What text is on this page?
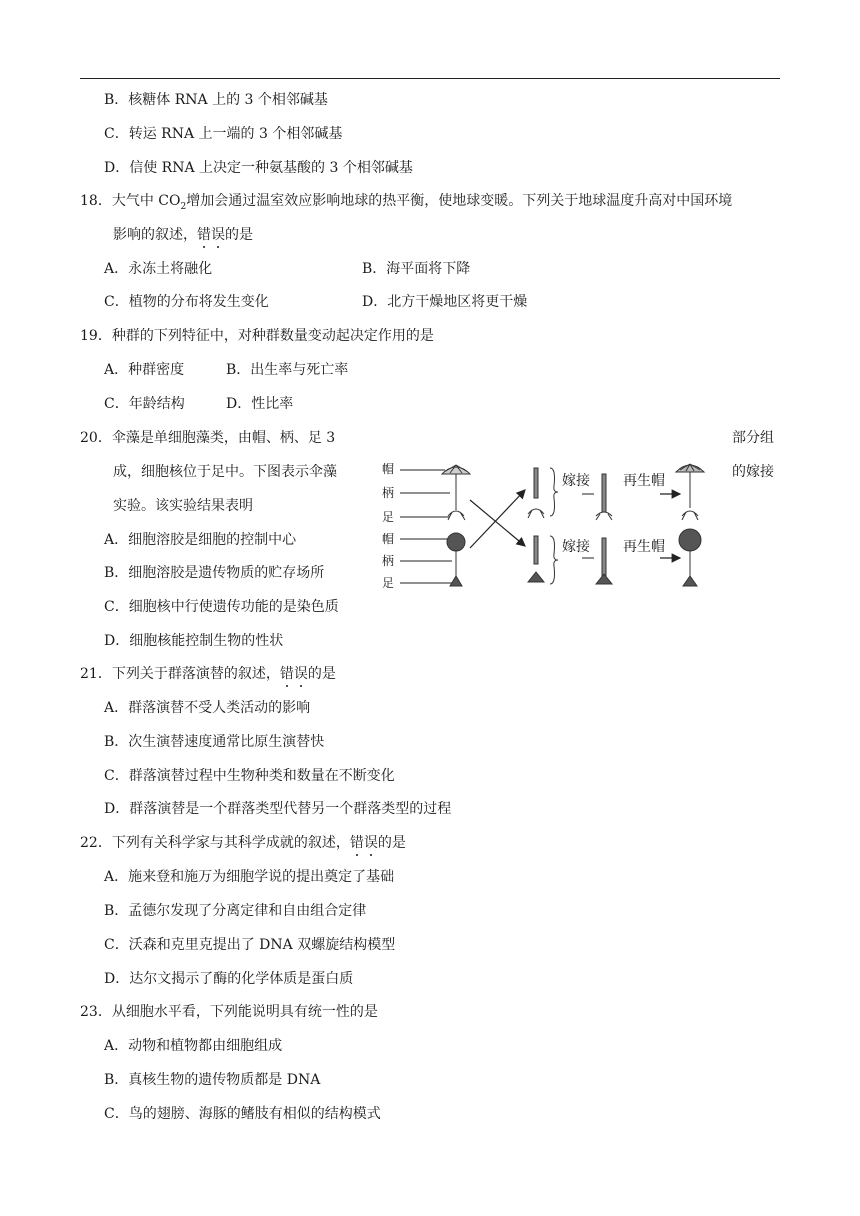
B．核糖体 RNA 上的 3 个相邻碱基
C．转运 RNA 上一端的 3 个相邻碱基
D．信使 RNA 上决定一种氨基酸的 3 个相邻碱基
18．大气中 $CO_2$增加会通过温室效应影响地球的热平衡，使地球变暖。下列关于地球温度升高对中国环境
影响的叙述，错误的是
A．永冻土将融化	B．海平面将下降
C．植物的分布将发生变化	D．北方干燥地区将更干燥
19．种群的下列特征中，对种群数量变动起决定作用的是
A．种群密度	B．出生率与死亡率
C．年龄结构	D．性比率
20．伞藻是单细胞藻类，由帽、柄、足 3	部分组
成，细胞核位于足中。下图表示伞藻	的嫁接
实验。该实验结果表明
A．细胞溶胶是细胞的控制中心
B．细胞溶胶是遗传物质的贮存场所
C．细胞核中行使遗传功能的是染色质
D．细胞核能控制生物的性状
帽
柄
足
帽
柄
足
嫁接 再生帽
嫁接 再生帽
21．下列关于群落演替的叙述，错误的是
A．群落演替不受人类活动的影响
B．次生演替速度通常比原生演替快
C．群落演替过程中生物种类和数量在不断变化
D．群落演替是一个群落类型代替另一个群落类型的过程
22．下列有关科学家与其科学成就的叙述，错误的是
A．施来登和施万为细胞学说的提出奠定了基础
B．孟德尔发现了分离定律和自由组合定律
C．沃森和克里克提出了 DNA 双螺旋结构模型
D．达尔文揭示了酶的化学体质是蛋白质
23．从细胞水平看，下列能说明具有统一性的是
A．动物和植物都由细胞组成
B．真核生物的遗传物质都是 DNA
C．鸟的翅膀、海豚的鳍肢有相似的结构模式
